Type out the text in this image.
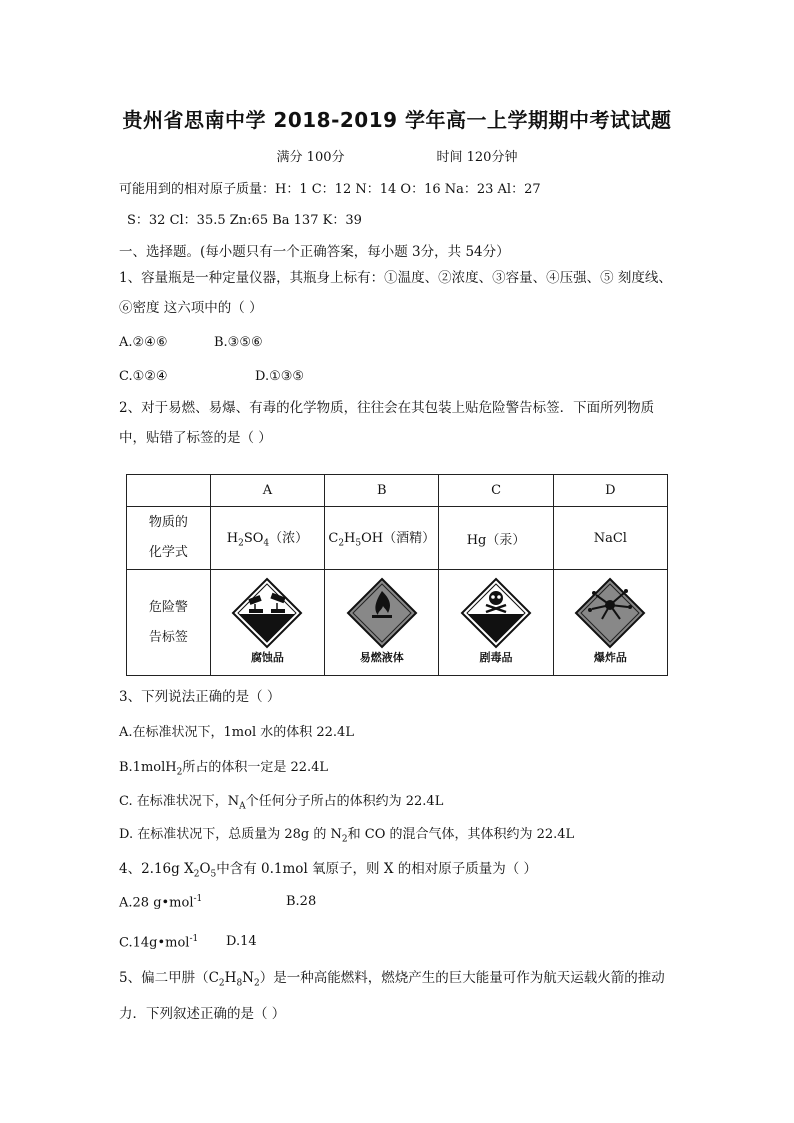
贵州省思南中学 2018-2019 学年高一上学期期中考试试题
满分 100分	时间 120分钟
可能用到的相对原子质量：H：1 C：12 N：14 O：16 Na：23 Al：27
S：32 Cl：35.5 Zn:65 Ba 137 K：39
一、选择题。(每小题只有一个正确答案，每小题 3分，共 54分）
1、容量瓶是一种定量仪器，其瓶身上标有：①温度、②浓度、③容量、④压强、⑤ 刻度线、⑥密度 这六项中的（ ）
A.②④⑥	B.③⑤⑥
C.①②④	D.①③⑤
2、对于易燃、易爆、有毒的化学物质，往往会在其包装上贴危险警告标签．下面所列物质中，贴错了标签的是（ ）
	A	B	C	D

物质的
化学式	$H_2SO_4$（浓）	$C_2H_5OH$（酒精）	Hg（汞）	NaCl

危险警
告标签	腐蚀品	易燃液体	剧毒品	爆炸品
3、下列说法正确的是（ ）
A.在标准状况下，1mol 水的体积 22.4L
B.1molH$_2$所占的体积一定是 22.4L
C. 在标准状况下，$N_A$个任何分子所占的体积约为 22.4L
D. 在标准状况下，总质量为 28g 的 $N_2$和 CO 的混合气体，其体积约为 22.4L
4、2.16g $X_2O_5$中含有 0.1mol 氧原子，则 X 的相对原子质量为（ ）
A.28 g•mol$^{-1}$	B.28
C.14g•mol$^{-1}$ D.14
5、偏二甲肼$(C_2H_8N_2)$是一种高能燃料，燃烧产生的巨大能量可作为航天运载火箭的推动力．下列叙述正确的是（ ）
